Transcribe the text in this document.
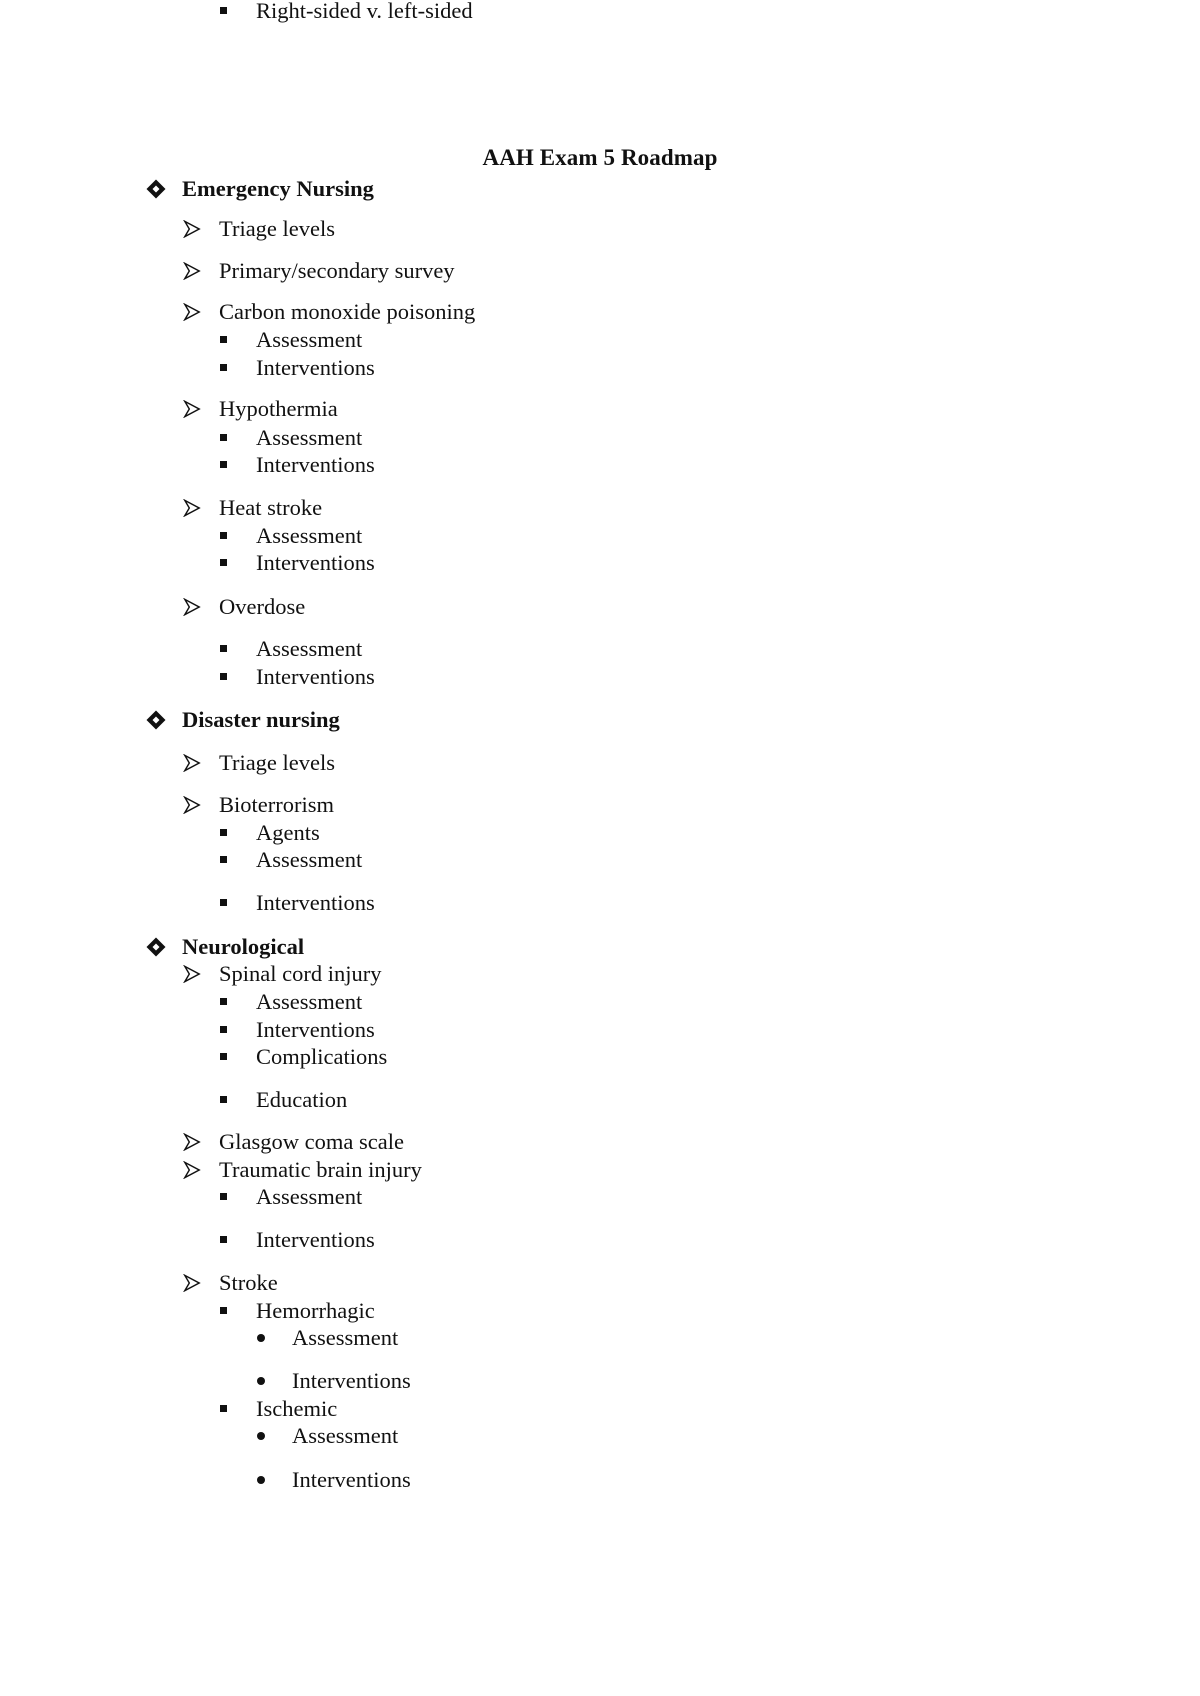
AAH Exam 5 Roadmap
Emergency Nursing
Triage levels
Primary/secondary survey
Carbon monoxide poisoning
Assessment
Interventions
Hypothermia
Assessment
Interventions
Heat stroke
Assessment
Interventions
Overdose
Assessment
Interventions
Disaster nursing
Triage levels
Bioterrorism
Agents
Assessment
Interventions
Neurological
Spinal cord injury
Assessment
Interventions
Complications
Education
Glasgow coma scale
Traumatic brain injury
Assessment
Interventions
Stroke
Hemorrhagic
Assessment
Interventions
Ischemic
Assessment
Interventions
Right-sided v. left-sided
